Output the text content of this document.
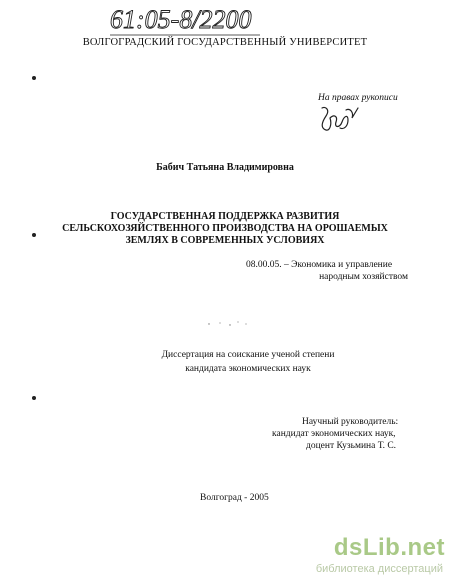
61:05-8/2200
ВОЛГОГРАДСКИЙ ГОСУДАРСТВЕННЫЙ УНИВЕРСИТЕТ
На правах рукописи
Бабич Татьяна Владимировна
ГОСУДАРСТВЕННАЯ ПОДДЕРЖКА РАЗВИТИЯ
СЕЛЬСКОХОЗЯЙСТВЕННОГО ПРОИЗВОДСТВА НА ОРОШАЕМЫХ
ЗЕМЛЯХ В СОВРЕМЕННЫХ УСЛОВИЯХ
08.00.05. – Экономика и управление
народным хозяйством
Диссертация на соискание ученой степени
кандидата экономических наук
Научный руководитель:
кандидат экономических наук,
доцент Кузьмина Т. С.
Волгоград - 2005
dsLib.net
библиотека диссертаций
